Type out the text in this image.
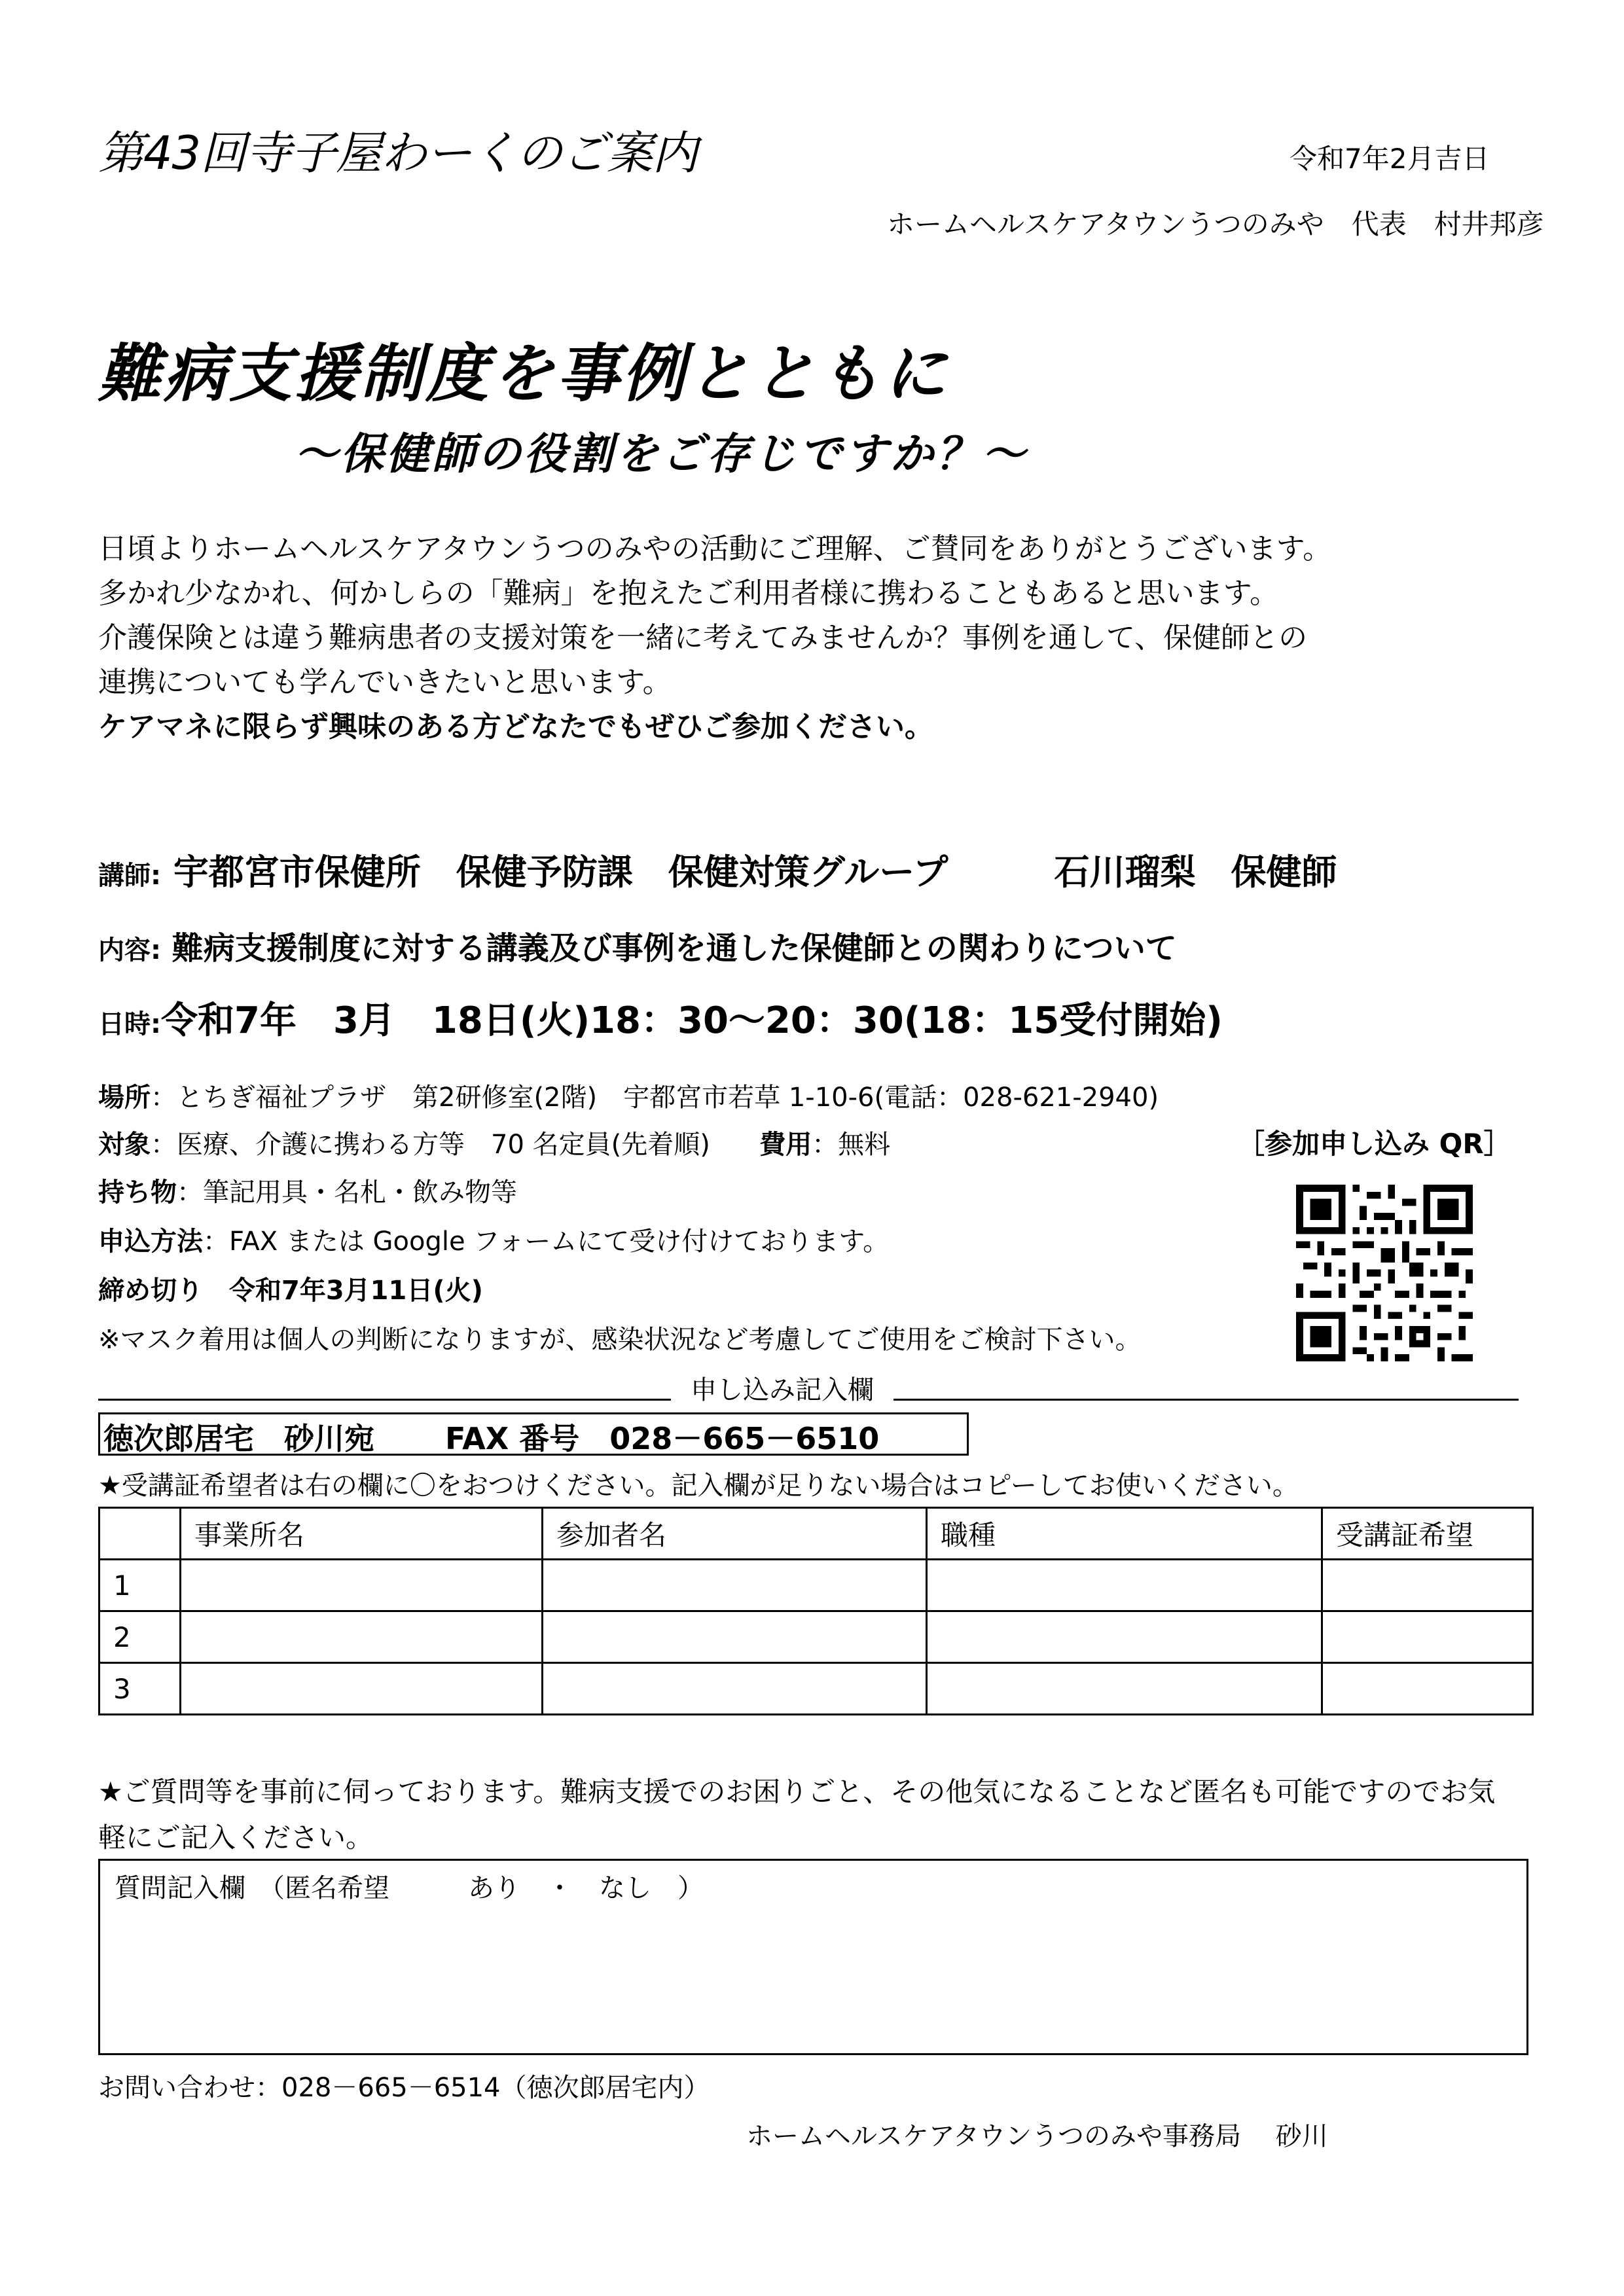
第43回寺子屋わーくのご案内	令和7年2月吉日
ホームヘルスケアタウンうつのみや　代表　村井邦彦
難病支援制度を事例とともに
～保健師の役割をご存じですか？～

日頃よりホームヘルスケアタウンうつのみやの活動にご理解、ご賛同をありがとうございます。

多かれ少なかれ、何かしらの「難病」を抱えたご利用者様に携わることもあると思います。

介護保険とは違う難病患者の支援対策を一緒に考えてみませんか？事例を通して、保健師との

連携についても学んでいきたいと思います。

ケアマネに限らず興味のある方どなたでもぜひご参加ください。

講師: 宇都宮市保健所　保健予防課　保健対策グループ　　　石川瑠梨　保健師
内容: 難病支援制度に対する講義及び事例を通した保健師との関わりについて
日時:令和7年　3月　18日(火)18：30～20：30(18：15受付開始)
場所：とちぎ福祉プラザ　第2研修室(2階)　宇都宮市若草 1-10-6(電話：028-621-2940)
対象：医療、介護に携わる方等　70 名定員(先着順) 費用：無料
持ち物：筆記用具・名札・飲み物等
申込方法：FAX または Google フォームにて受け付けております。
締め切り　令和7年3月11日(火)
※マスク着用は個人の判断になりますが、感染状況など考慮してご使用をご検討下さい。
［参加申し込み QR］
申し込み記入欄
徳次郎居宅　砂川宛　　 FAX 番号　028－665－6510
★受講証希望者は右の欄に〇をおつけください。記入欄が足りない場合はコピーしてお使いください。
	事業所名	参加者名	職種	受講証希望
1				
2				
3				
★ご質問等を事前に伺っております。難病支援でのお困りごと、その他気になることなど匿名も可能ですのでお気
軽にご記入ください。
質問記入欄　（匿名希望　　　あり　・　なし　）
お問い合わせ：028－665－6514（徳次郎居宅内）
ホームヘルスケアタウンうつのみや事務局　 砂川
